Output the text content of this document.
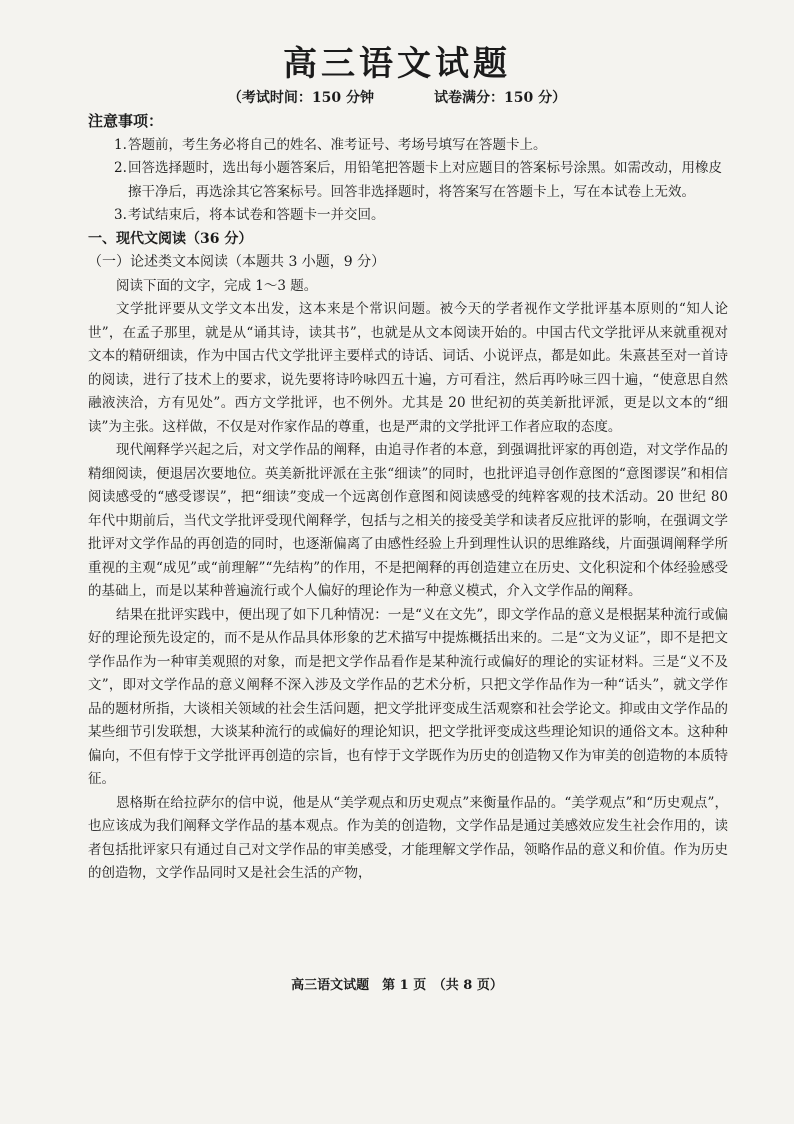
高三语文试题
（考试时间：150 分钟	试卷满分：150 分）

注意事项：

1.答题前，考生务必将自己的姓名、准考证号、考场号填写在答题卡上。

2.回答选择题时，选出每小题答案后，用铅笔把答题卡上对应题目的答案标号涂黑。如需改动，用橡皮擦干净后，再选涂其它答案标号。回答非选择题时，将答案写在答题卡上，写在本试卷上无效。

3.考试结束后，将本试卷和答题卡一并交回。

一、现代文阅读（36 分）

（一）论述类文本阅读（本题共 3 小题，9 分）

阅读下面的文字，完成 1～3 题。

文学批评要从文学文本出发，这本来是个常识问题。被今天的学者视作文学批评基本原则的“知人论世”，在孟子那里，就是从“诵其诗，读其书”，也就是从文本阅读开始的。中国古代文学批评从来就重视对文本的精研细读，作为中国古代文学批评主要样式的诗话、词话、小说评点，都是如此。朱熹甚至对一首诗的阅读，进行了技术上的要求，说先要将诗吟咏四五十遍，方可看注，然后再吟咏三四十遍，“使意思自然融液浃洽，方有见处”。西方文学批评，也不例外。尤其是 20 世纪初的英美新批评派，更是以文本的“细读”为主张。这样做，不仅是对作家作品的尊重，也是严肃的文学批评工作者应取的态度。

现代阐释学兴起之后，对文学作品的阐释，由追寻作者的本意，到强调批评家的再创造，对文学作品的精细阅读，便退居次要地位。英美新批评派在主张“细读”的同时，也批评追寻创作意图的“意图谬误”和相信阅读感受的“感受谬误”，把“细读”变成一个远离创作意图和阅读感受的纯粹客观的技术活动。20 世纪 80 年代中期前后，当代文学批评受现代阐释学，包括与之相关的接受美学和读者反应批评的影响，在强调文学批评对文学作品的再创造的同时，也逐渐偏离了由感性经验上升到理性认识的思维路线，片面强调阐释学所重视的主观“成见”或“前理解”“先结构”的作用，不是把阐释的再创造建立在历史、文化积淀和个体经验感受的基础上，而是以某种普遍流行或个人偏好的理论作为一种意义模式，介入文学作品的阐释。

结果在批评实践中，便出现了如下几种情况：一是“义在文先”，即文学作品的意义是根据某种流行或偏好的理论预先设定的，而不是从作品具体形象的艺术描写中提炼概括出来的。二是“文为义证”，即不是把文学作品作为一种审美观照的对象，而是把文学作品看作是某种流行或偏好的理论的实证材料。三是“义不及文”，即对文学作品的意义阐释不深入涉及文学作品的艺术分析，只把文学作品作为一种“话头”，就文学作品的题材所指，大谈相关领域的社会生活问题，把文学批评变成生活观察和社会学论文。抑或由文学作品的某些细节引发联想，大谈某种流行的或偏好的理论知识，把文学批评变成这些理论知识的通俗文本。这种种偏向，不但有悖于文学批评再创造的宗旨，也有悖于文学既作为历史的创造物又作为审美的创造物的本质特征。

恩格斯在给拉萨尔的信中说，他是从“美学观点和历史观点”来衡量作品的。“美学观点”和“历史观点”，也应该成为我们阐释文学作品的基本观点。作为美的创造物，文学作品是通过美感效应发生社会作用的，读者包括批评家只有通过自己对文学作品的审美感受，才能理解文学作品，领略作品的意义和价值。作为历史的创造物，文学作品同时又是社会生活的产物，

高三语文试题　第 1 页　（共 8 页）
